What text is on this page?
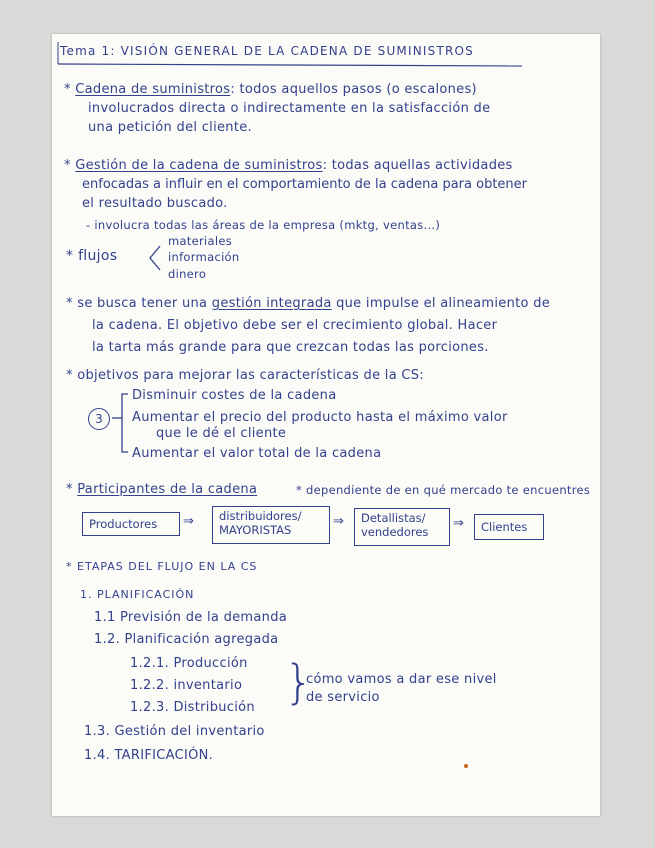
Tema 1: VISIÓN GENERAL DE LA CADENA DE SUMINISTROS
* Cadena de suministros: todos aquellos pasos (o escalones)
involucrados directa o indirectamente en la satisfacción de
una petición del cliente.
* Gestión de la cadena de suministros: todas aquellas actividades
enfocadas a influir en el comportamiento de la cadena para obtener
el resultado buscado.
- involucra todas las áreas de la empresa (mktg, ventas...)
* flujos
materiales
información
dinero
* se busca tener una gestión integrada que impulse el alineamiento de
la cadena. El objetivo debe ser el crecimiento global. Hacer
la tarta más grande para que crezcan todas las porciones.
* objetivos para mejorar las características de la CS:
3
Disminuir costes de la cadena
Aumentar el precio del producto hasta el máximo valor
que le dé el cliente
Aumentar el valor total de la cadena
* Participantes de la cadena	* dependiente de en qué mercado te encuentres
Productores	⇒ distribuidores/
MAYORISTAS
⇒ Detallistas/
vendedores
⇒	Clientes
* ETAPAS DEL FLUJO EN LA CS
1. PLANIFICACIÓN
1.1 Previsión de la demanda
1.2. Planificación agregada
1.2.1. Producción
1.2.2. inventario
1.2.3. Distribución }
cómo vamos a dar ese nivel
de servicio
1.3. Gestión del inventario
1.4. TARIFICACIÓN.
